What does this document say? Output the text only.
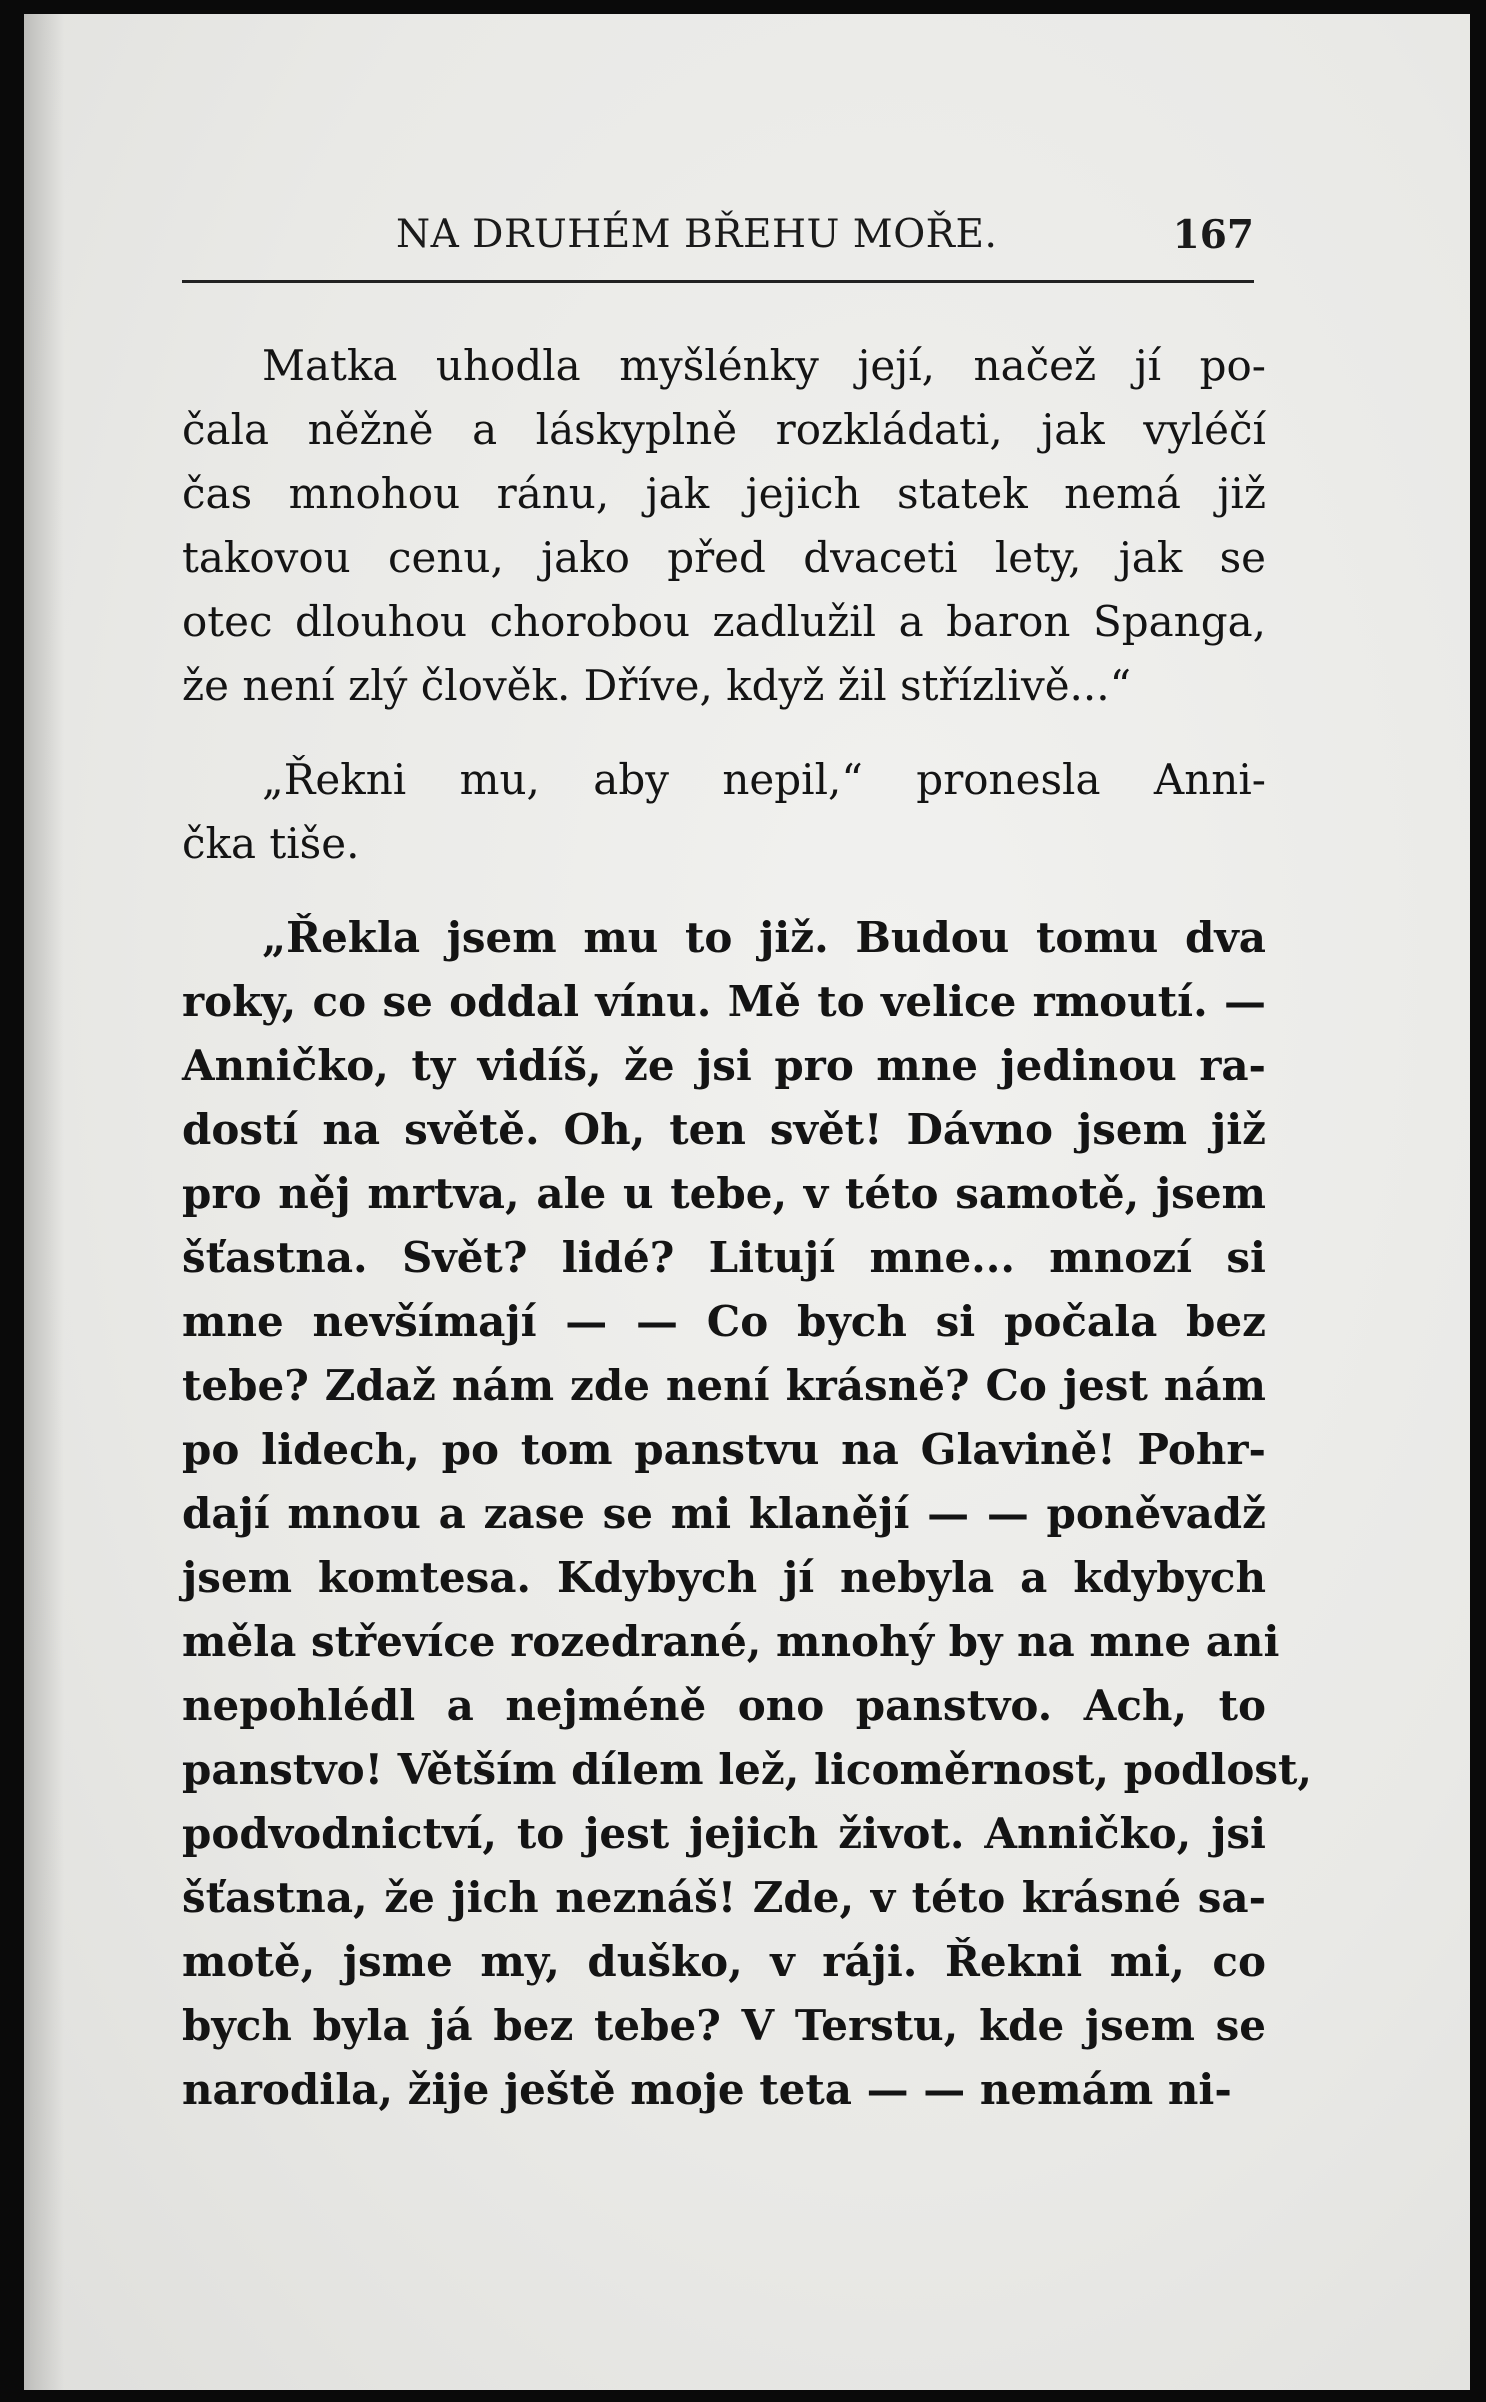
NA DRUHÉM BŘEHU MOŘE.	167
Matka uhodla myšlénky její, načež jí po-
čala něžně a láskyplně rozkládati, jak vyléčí
čas mnohou ránu, jak jejich statek nemá již
takovou cenu, jako před dvaceti lety, jak se
otec dlouhou chorobou zadlužil a baron Spanga,
že není zlý člověk. Dříve, když žil střízlivě...“
„Řekni mu, aby nepil,“ pronesla Anni-
čka tiše.
„Řekla jsem mu to již. Budou tomu dva
roky, co se oddal vínu. Mě to velice rmoutí. —
Anničko, ty vidíš, že jsi pro mne jedinou ra-
dostí na světě. Oh, ten svět! Dávno jsem již
pro něj mrtva, ale u tebe, v této samotě, jsem
šťastna. Svět? lidé? Litují mne... mnozí si
mne nevšímají — — Co bych si počala bez
tebe? Zdaž nám zde není krásně? Co jest nám
po lidech, po tom panstvu na Glavině! Pohr-
dají mnou a zase se mi klanějí — — poněvadž
jsem komtesa. Kdybych jí nebyla a kdybych
měla střevíce rozedrané, mnohý by na mne ani
nepohlédl a nejméně ono panstvo. Ach, to
panstvo! Větším dílem lež, licoměrnost, podlost,
podvodnictví, to jest jejich život. Anničko, jsi
šťastna, že jich neznáš! Zde, v této krásné sa-
motě, jsme my, duško, v ráji. Řekni mi, co
bych byla já bez tebe? V Terstu, kde jsem se
narodila, žije ještě moje teta — — nemám ni-
